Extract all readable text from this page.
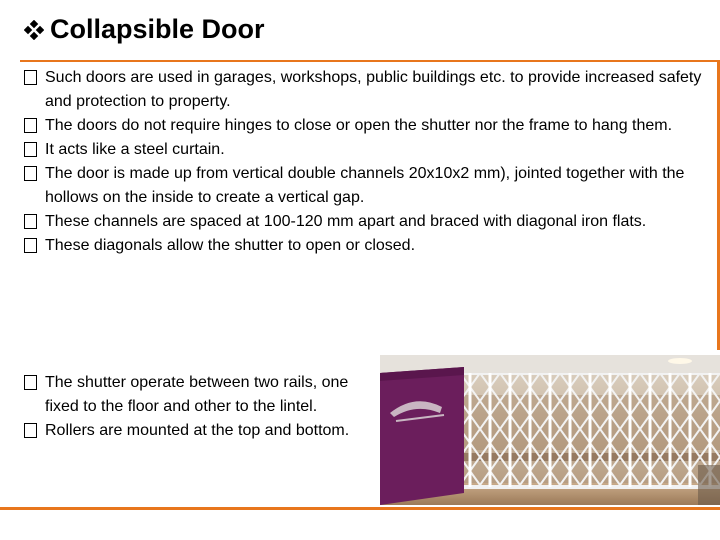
Collapsible Door
Such doors are used in garages, workshops, public buildings etc. to provide increased safety and protection to property.
The doors do not require hinges to close or open the shutter nor the frame to hang them.
It acts like a steel curtain.
The door is made up from vertical double channels 20x10x2 mm), jointed together with the hollows on the inside to create a vertical gap.
These channels are spaced at 100-120 mm apart and braced with diagonal iron flats.
These diagonals allow the shutter to open or closed.
The shutter operate between two rails, one fixed to the floor and other to the lintel.
Rollers are mounted at the top and bottom.
